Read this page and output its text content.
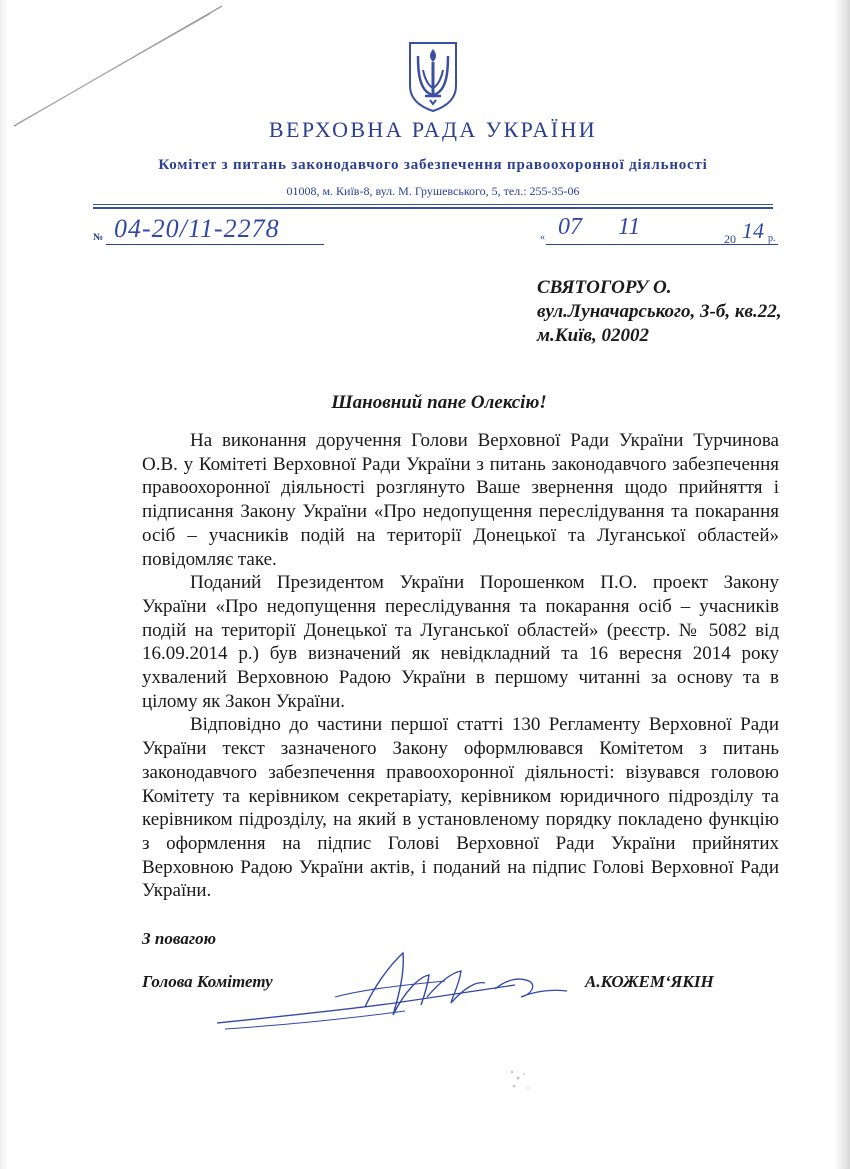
ВЕРХОВНА РАДА УКРАЇНИ
Комітет з питань законодавчого забезпечення правоохоронної діяльності
01008, м. Київ-8, вул. М. Грушевського, 5, тел.: 255-35-06
№ 04-20/11-2278	« 07 11	20 14 р.
СВЯТОГОРУ О.
вул.Луначарського, 3-б, кв.22,
м.Київ, 02002
Шановний пане Олексію!

На виконання доручення Голови Верховної Ради України Турчинова О.В. у Комітеті Верховної Ради України з питань законодавчого забезпечення правоохоронної діяльності розглянуто Ваше звернення щодо прийняття і підписання Закону України «Про недопущення переслідування та покарання осіб – учасників подій на території Донецької та Луганської областей» повідомляє таке.

Поданий Президентом України Порошенком П.О. проект Закону України «Про недопущення переслідування та покарання осіб – учасників подій на території Донецької та Луганської областей» (реєстр. № 5082 від 16.09.2014 р.) був визначений як невідкладний та 16 вересня 2014 року ухвалений Верховною Радою України в першому читанні за основу та в цілому як Закон України.

Відповідно до частини першої статті 130 Регламенту Верховної Ради України текст зазначеного Закону оформлювався Комітетом з питань законодавчого забезпечення правоохоронної діяльності: візувався головою Комітету та керівником секретаріату, керівником юридичного підрозділу та керівником підрозділу, на який в установленому порядку покладено функцію з оформлення на підпис Голові Верховної Ради України прийнятих Верховною Радою України актів, і поданий на підпис Голові Верховної Ради України.

З повагою
Голова Комітету	А.КОЖЕМ‘ЯКІН
